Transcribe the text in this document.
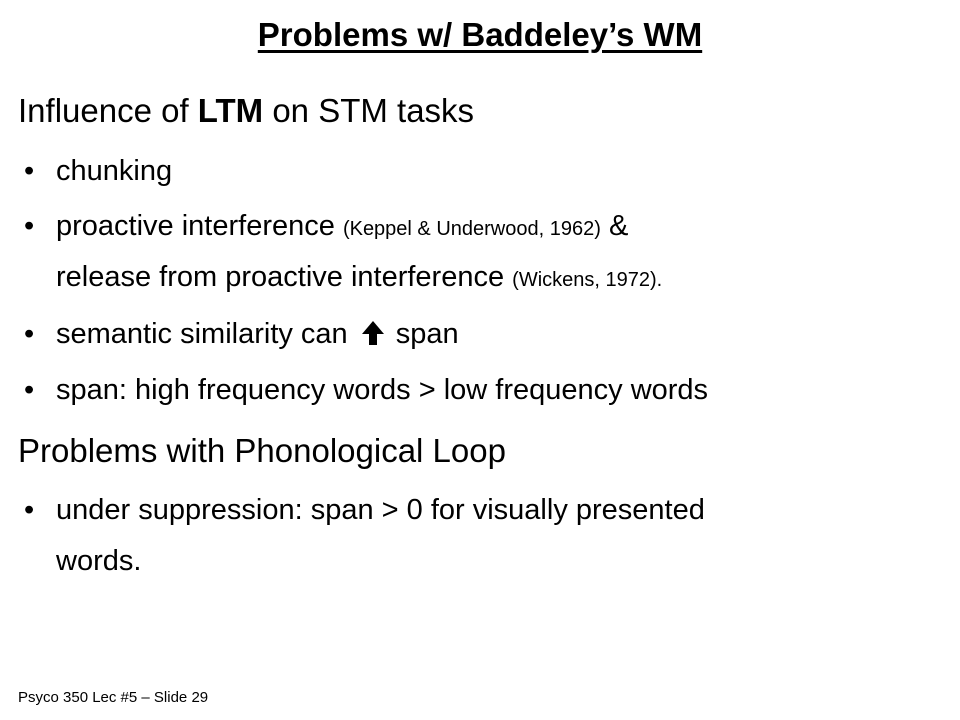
Problems w/ Baddeley’s WM
Influence of LTM on STM tasks
• chunking
• proactive interference (Keppel & Underwood, 1962) &
release from proactive interference (Wickens, 1972).
• semantic similarity can span
• span: high frequency words > low frequency words
Problems with Phonological Loop
• under suppression: span > 0 for visually presented
words.
Psyco 350 Lec #5 – Slide 29
